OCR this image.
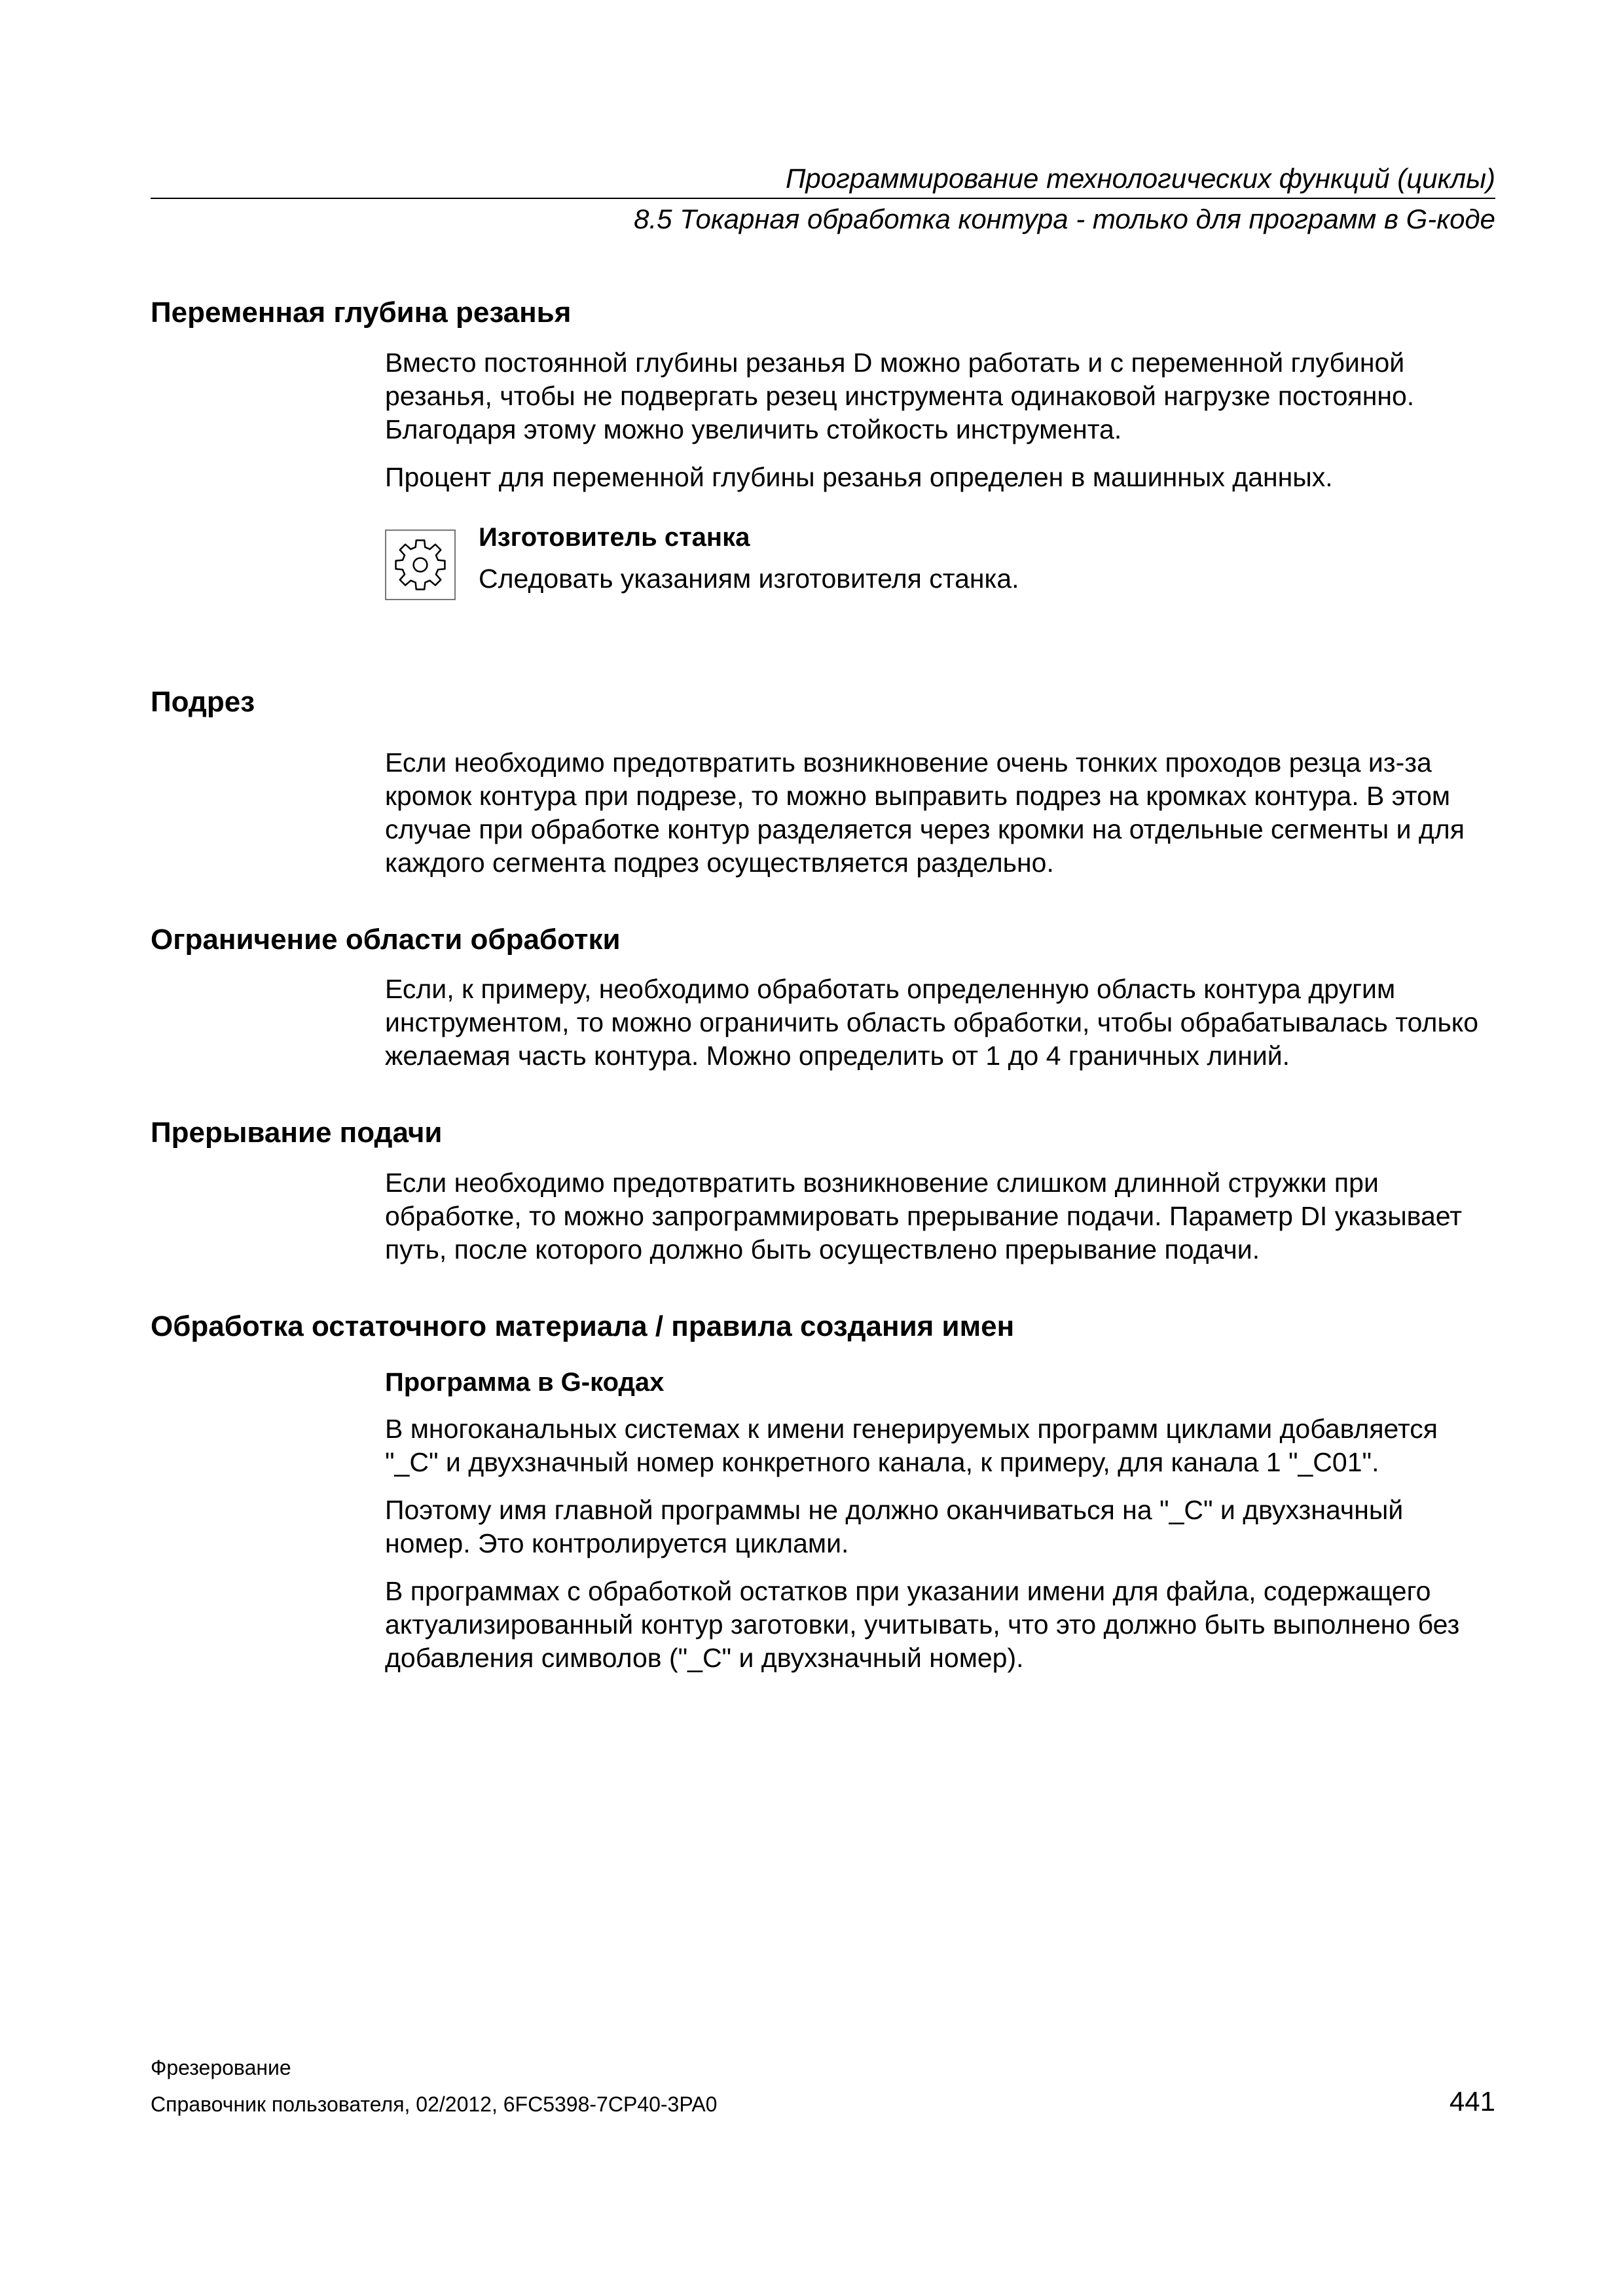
Программирование технологических функций (циклы)
8.5 Токарная обработка контура - только для программ в G-коде
Переменная глубина резанья

Вместо постоянной глубины резанья D можно работать и с переменной глубиной резанья, чтобы не подвергать резец инструмента одинаковой нагрузке постоянно. Благодаря этому можно увеличить стойкость инструмента.

Процент для переменной глубины резанья определен в машинных данных.

Изготовитель станка

Следовать указаниям изготовителя станка.

Подрез

Если необходимо предотвратить возникновение очень тонких проходов резца из-за кромок контура при подрезе, то можно выправить подрез на кромках контура. В этом случае при обработке контур разделяется через кромки на отдельные сегменты и для каждого сегмента подрез осуществляется раздельно.

Ограничение области обработки

Если, к примеру, необходимо обработать определенную область контура другим инструментом, то можно ограничить область обработки, чтобы обрабатывалась только желаемая часть контура. Можно определить от 1 до 4 граничных линий.

Прерывание подачи

Если необходимо предотвратить возникновение слишком длинной стружки при обработке, то можно запрограммировать прерывание подачи. Параметр DI указывает путь, после которого должно быть осуществлено прерывание подачи.

Обработка остаточного материала / правила создания имен
Программа в G-кодах

В многоканальных системах к имени генерируемых программ циклами добавляется "_C" и двухзначный номер конкретного канала, к примеру, для канала 1 "_C01".

Поэтому имя главной программы не должно оканчиваться на "_C" и двухзначный номер. Это контролируется циклами.

В программах с обработкой остатков при указании имени для файла, содержащего актуализированный контур заготовки, учитывать, что это должно быть выполнено без добавления символов ("_C" и двухзначный номер).

Фрезерование
Справочник пользователя, 02/2012, 6FC5398-7CP40-3PA0	441
